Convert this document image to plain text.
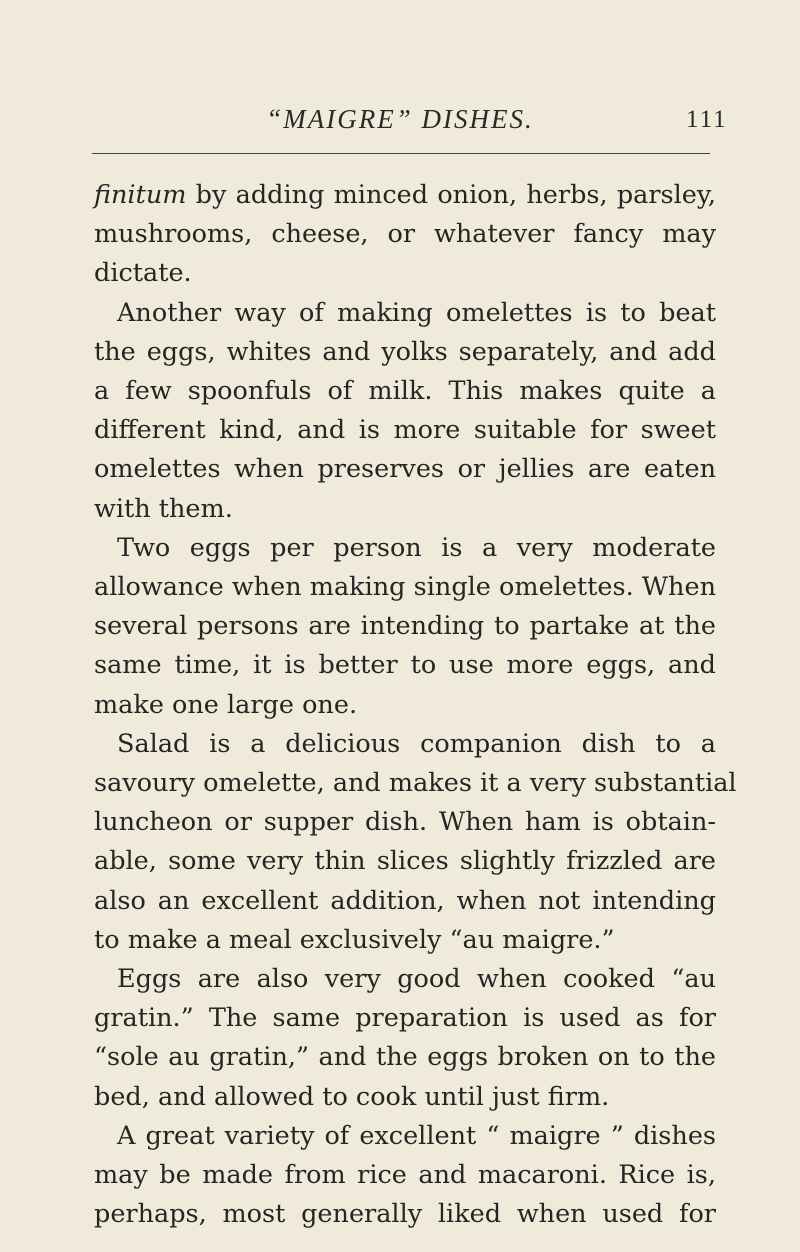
“MAIGRE” DISHES.	111

finitum by adding minced onion, herbs, parsley,
mushrooms, cheese, or whatever fancy may
dictate.

Another way of making omelettes is to beat
the eggs, whites and yolks separately, and add
a few spoonfuls of milk. This makes quite a
different kind, and is more suitable for sweet
omelettes when preserves or jellies are eaten
with them.

Two eggs per person is a very moderate
allowance when making single omelettes. When
several persons are intending to partake at the
same time, it is better to use more eggs, and
make one large one.

Salad is a delicious companion dish to a
savoury omelette, and makes it a very substantial
luncheon or supper dish. When ham is obtain-
able, some very thin slices slightly frizzled are
also an excellent addition, when not intending
to make a meal exclusively “au maigre.”

Eggs are also very good when cooked “au
gratin.” The same preparation is used as for
“sole au gratin,” and the eggs broken on to the
bed, and allowed to cook until just firm.

A great variety of excellent “ maigre ” dishes
may be made from rice and macaroni. Rice is,
perhaps, most generally liked when used for
